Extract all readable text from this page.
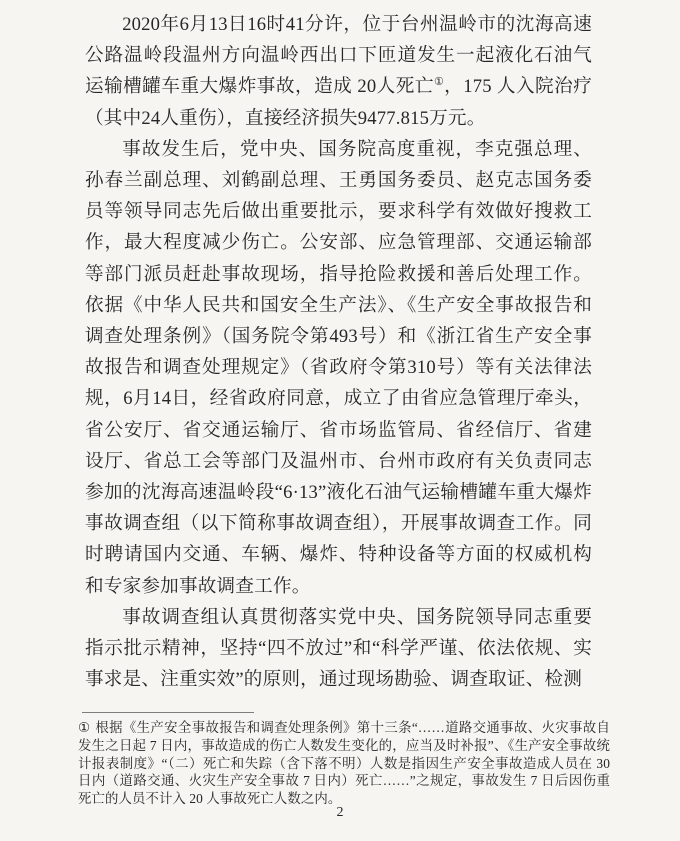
2020年6月13日16时41分许，位于台州温岭市的沈海高速公路温岭段温州方向温岭西出口下匝道发生一起液化石油气运输槽罐车重大爆炸事故，造成 20人死亡①，175 人入院治疗（其中24人重伤），直接经济损失9477.815万元。

事故发生后，党中央、国务院高度重视，李克强总理、孙春兰副总理、刘鹤副总理、王勇国务委员、赵克志国务委员等领导同志先后做出重要批示，要求科学有效做好搜救工作，最大程度减少伤亡。公安部、应急管理部、交通运输部等部门派员赶赴事故现场，指导抢险救援和善后处理工作。依据《中华人民共和国安全生产法》、《生产安全事故报告和调查处理条例》（国务院令第493号）和《浙江省生产安全事故报告和调查处理规定》（省政府令第310号）等有关法律法规，6月14日，经省政府同意，成立了由省应急管理厅牵头，省公安厅、省交通运输厅、省市场监管局、省经信厅、省建设厅、省总工会等部门及温州市、台州市政府有关负责同志参加的沈海高速温岭段“6·13”液化石油气运输槽罐车重大爆炸事故调查组（以下简称事故调查组），开展事故调查工作。同时聘请国内交通、车辆、爆炸、特种设备等方面的权威机构和专家参加事故调查工作。

事故调查组认真贯彻落实党中央、国务院领导同志重要指示批示精神，坚持“四不放过”和“科学严谨、依法依规、实事求是、注重实效”的原则，通过现场勘验、调查取证、检测

① 根据《生产安全事故报告和调查处理条例》第十三条“……道路交通事故、火灾事故自发生之日起 7 日内，事故造成的伤亡人数发生变化的，应当及时补报”、《生产安全事故统计报表制度》“（二）死亡和失踪（含下落不明）人数是指因生产安全事故造成人员在 30 日内（道路交通、火灾生产安全事故 7 日内）死亡……”之规定，事故发生 7 日后因伤重死亡的人员不计入 20 人事故死亡人数之内。

2
